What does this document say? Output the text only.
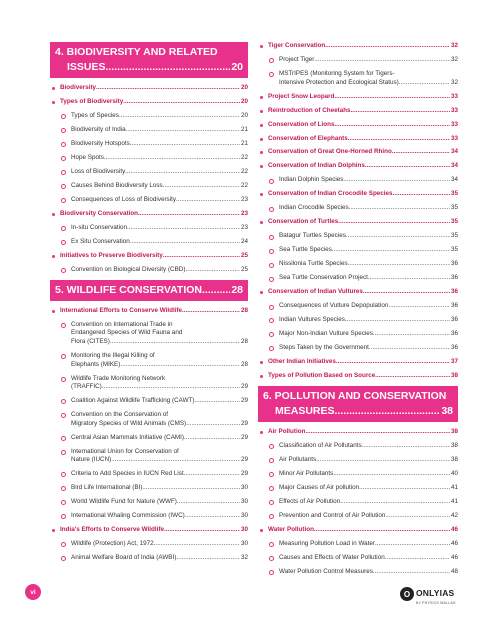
4. BIODIVERSITY AND RELATED
ISSUES .....	20
Biodiversity .....	20
Types of Biodiversity .....	20
Types of Species .....	20
Biodiversity of India .....	21
Biodiversity Hotspots .....	21
Hope Spots .....	22
Loss of Biodiversity .....	22
Causes Behind Biodiversity Loss .....	22
Consequences of Loss of Biodiversity .....	23
Biodiversity Conservation .....	23
In-situ Conservation .....	23
Ex Situ Conservation .....	24
Initiatives to Preserve Biodiversity .....	25
Convention on Biological Diversity (CBD) .....	25
5. WILDLIFE CONSERVATION .....	28
International Efforts to Conserve Wildlife .....	28
Convention on International Trade in
Endangered Species of Wild Fauna and
Flora (CITES) .....	28
Monitoring the Illegal Killing of
Elephants (MIKE) .....	28
Wildlife Trade Monitoring Network
(TRAFFIC) .....	29
Coalition Against Wildlife Trafficking (CAWT) .....	29
Convention on the Conservation of
Migratory Species of Wild Animals (CMS) .....	29
Central Asian Mammals Initiative (CAMI) .....	29
International Union for Conservation of
Nature (IUCN) .....	29
Criteria to Add Species in IUCN Red List .....	29
Bird Life International (BI) .....	30
World Wildlife Fund for Nature (WWF) .....	30
International Whaling Commission (IWC) .....	30
India's Efforts to Conserve Wildlife .....	30
Wildlife (Protection) Act, 1972 .....	30
Animal Welfare Board of India (AWBI) .....	32
Tiger Conservation .....	32
Project Tiger .....	32
MSTrIPES (Monitoring System for Tigers-
Intensive Protection and Ecological Status) .....	32
Project Snow Leopard .....	33
Reintroduction of Cheetahs .....	33
Conservation of Lions .....	33
Conservation of Elephants .....	33
Conservation of Great One-Horned Rhino .....	34
Conservation of Indian Dolphins .....	34
Indian Dolphin Species .....	34
Conservation of Indian Crocodile Species .....	35
Indian Crocodile Species .....	35
Conservation of Turtles .....	35
Batagur Turtles Species .....	35
Sea Turtle Species .....	35
Nissilonia Turtle Species .....	36
Sea Turtle Conservation Project .....	36
Conservation of Indian Vultures .....	36
Consequences of Vulture Depopulation .....	36
Indian Vultures Species .....	36
Major Non-Indian Vulture Species .....	36
Steps Taken by the Government .....	36
Other Indian Initiatives .....	37
Types of Pollution Based on Source .....	38
6. POLLUTION AND CONSERVATION
MEASURES .....	38
Air Pollution .....	38
Classification of Air Pollutants .....	38
Air Pollutants .....	38
Minor Air Pollutants .....	40
Major Causes of Air pollution .....	41
Effects of Air Pollution .....	41
Prevention and Control of Air Pollution .....	42
Water Pollution .....	46
Measuring Pollution Load in Water .....	46
Causes and Effects of Water Pollution .....	46
Water Pollution Control Measures .....	48
vi	O ONLYIAS
BY PHYSICS WALLAH
